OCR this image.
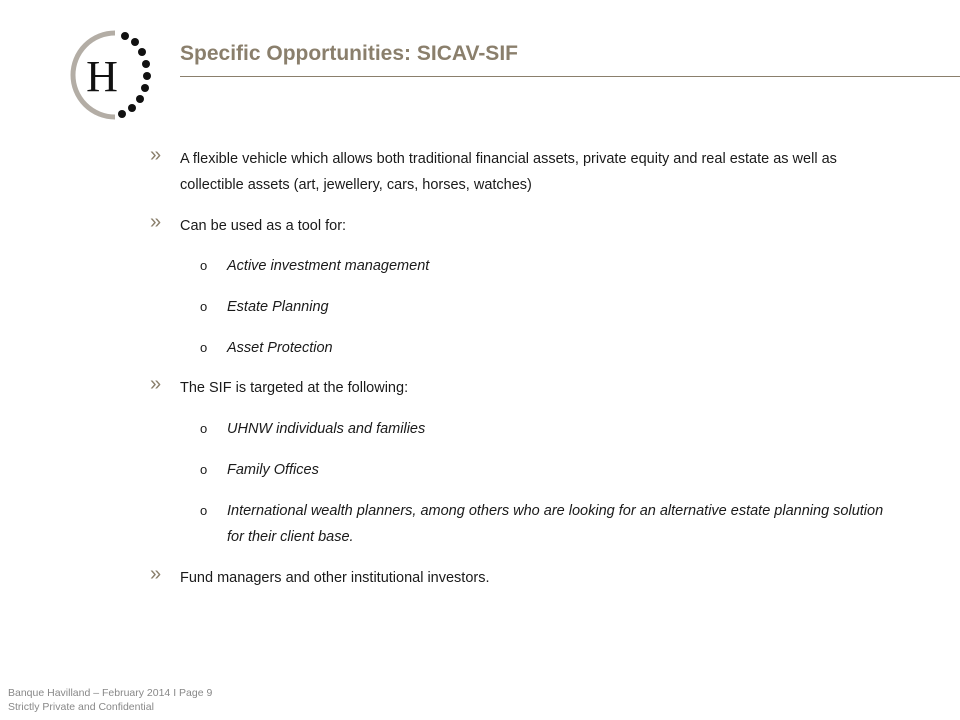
H	Specific Opportunities: SICAV-SIF
» A flexible vehicle which allows both traditional financial assets, private equity and real estate as well as collectible assets (art, jewellery, cars, horses, watches)
» Can be used as a tool for:
o Active investment management
o Estate Planning
o Asset Protection
» The SIF is targeted at the following:
o UHNW individuals and families
o Family Offices
o International wealth planners, among others who are looking for an alternative estate planning solution for their client base.
» Fund managers and other institutional investors.
Banque Havilland – February 2014 I Page 9
Strictly Private and Confidential
